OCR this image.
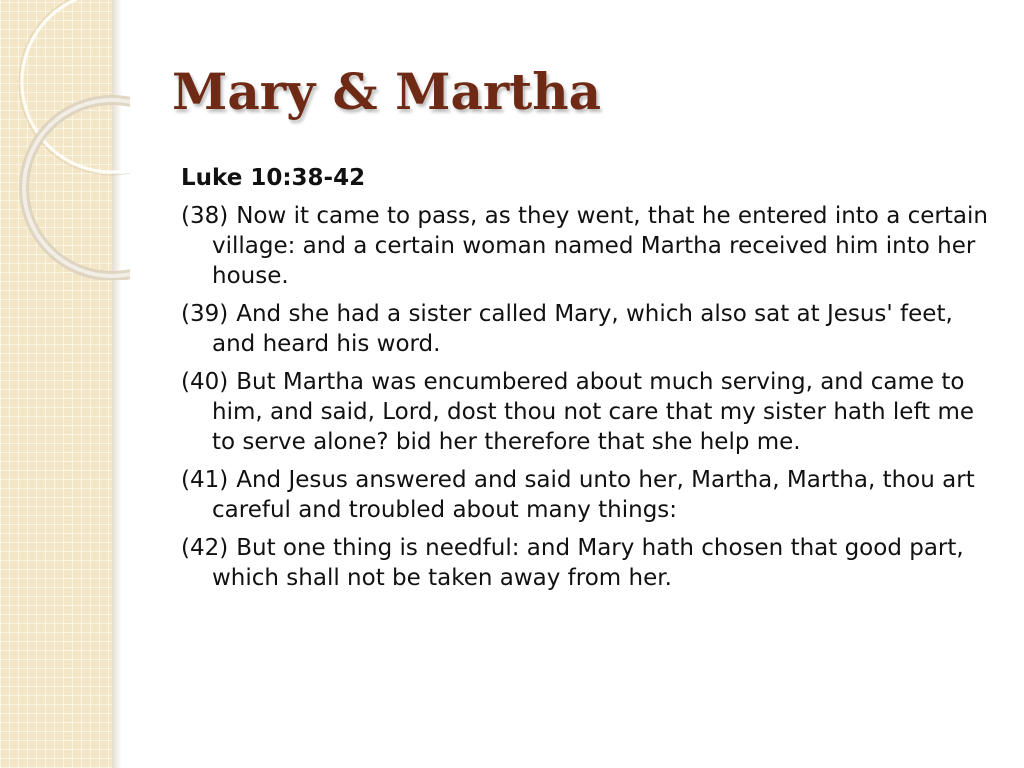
Mary & Martha

Luke 10:38-42

(38) Now it came to pass, as they went, that he entered into a certain village: and a certain woman named Martha received him into her house.

(39) And she had a sister called Mary, which also sat at Jesus' feet, and heard his word.

(40) But Martha was encumbered about much serving, and came to him, and said, Lord, dost thou not care that my sister hath left me to serve alone? bid her therefore that she help me.

(41) And Jesus answered and said unto her, Martha, Martha, thou art careful and troubled about many things:

(42) But one thing is needful: and Mary hath chosen that good part, which shall not be taken away from her.
